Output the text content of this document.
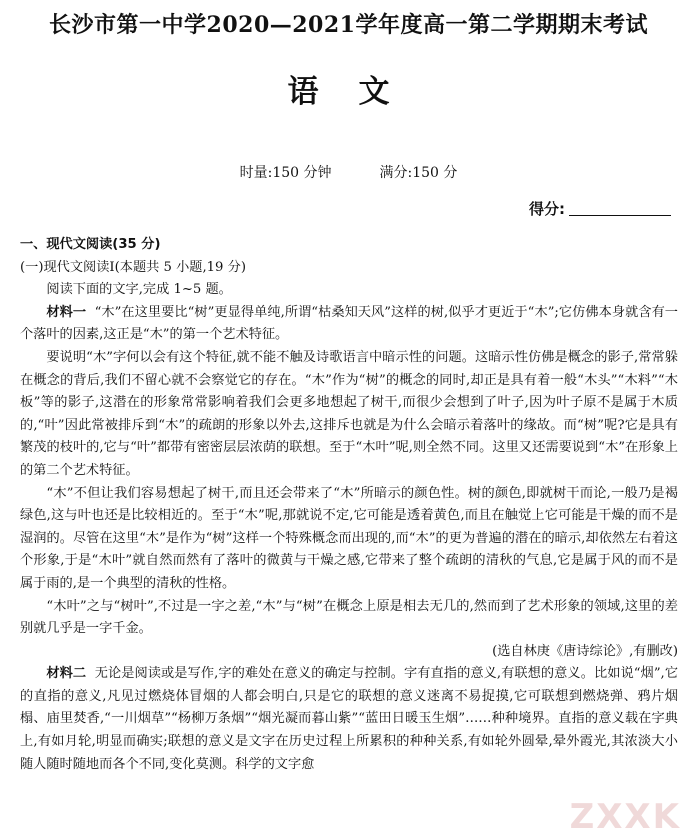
长沙市第一中学2020—2021学年度高一第二学期期末考试
语文
时量:150 分钟	满分:150 分
得分:

一、现代文阅读(35 分)

(一)现代文阅读Ⅰ(本题共 5 小题,19 分)

阅读下面的文字,完成 1~5 题。

材料一 “木”在这里要比“树”更显得单纯,所谓“枯桑知天风”这样的树,似乎才更近于“木”;它仿佛本身就含有一个落叶的因素,这正是“木”的第一个艺术特征。

要说明“木”字何以会有这个特征,就不能不触及诗歌语言中暗示性的问题。这暗示性仿佛是概念的影子,常常躲在概念的背后,我们不留心就不会察觉它的存在。“木”作为“树”的概念的同时,却正是具有着一般“木头”“木料”“木板”等的影子,这潜在的形象常常影响着我们会更多地想起了树干,而很少会想到了叶子,因为叶子原不是属于木质的,“叶”因此常被排斥到“木”的疏朗的形象以外去,这排斥也就是为什么会暗示着落叶的缘故。而“树”呢?它是具有繁茂的枝叶的,它与“叶”都带有密密层层浓荫的联想。至于“木叶”呢,则全然不同。这里又还需要说到“木”在形象上的第二个艺术特征。

“木”不但让我们容易想起了树干,而且还会带来了“木”所暗示的颜色性。树的颜色,即就树干而论,一般乃是褐绿色,这与叶也还是比较相近的。至于“木”呢,那就说不定,它可能是透着黄色,而且在触觉上它可能是干燥的而不是湿润的。尽管在这里“木”是作为“树”这样一个特殊概念而出现的,而“木”的更为普遍的潜在的暗示,却依然左右着这个形象,于是“木叶”就自然而然有了落叶的微黄与干燥之感,它带来了整个疏朗的清秋的气息,它是属于风的而不是属于雨的,是一个典型的清秋的性格。

“木叶”之与“树叶”,不过是一字之差,“木”与“树”在概念上原是相去无几的,然而到了艺术形象的领域,这里的差别就几乎是一字千金。

(选自林庚《唐诗综论》,有删改)

材料二 无论是阅读或是写作,字的难处在意义的确定与控制。字有直指的意义,有联想的意义。比如说“烟”,它的直指的意义,凡见过燃烧体冒烟的人都会明白,只是它的联想的意义迷离不易捉摸,它可联想到燃烧弹、鸦片烟榻、庙里焚香,“一川烟草”“杨柳万条烟”“烟光凝而暮山紫”“蓝田日暖玉生烟”……种种境界。直指的意义载在字典上,有如月轮,明显而确实;联想的意义是文字在历史过程上所累积的种种关系,有如轮外圆晕,晕外霞光,其浓淡大小随人随时随地而各个不同,变化莫测。科学的文字愈

ZXXK
